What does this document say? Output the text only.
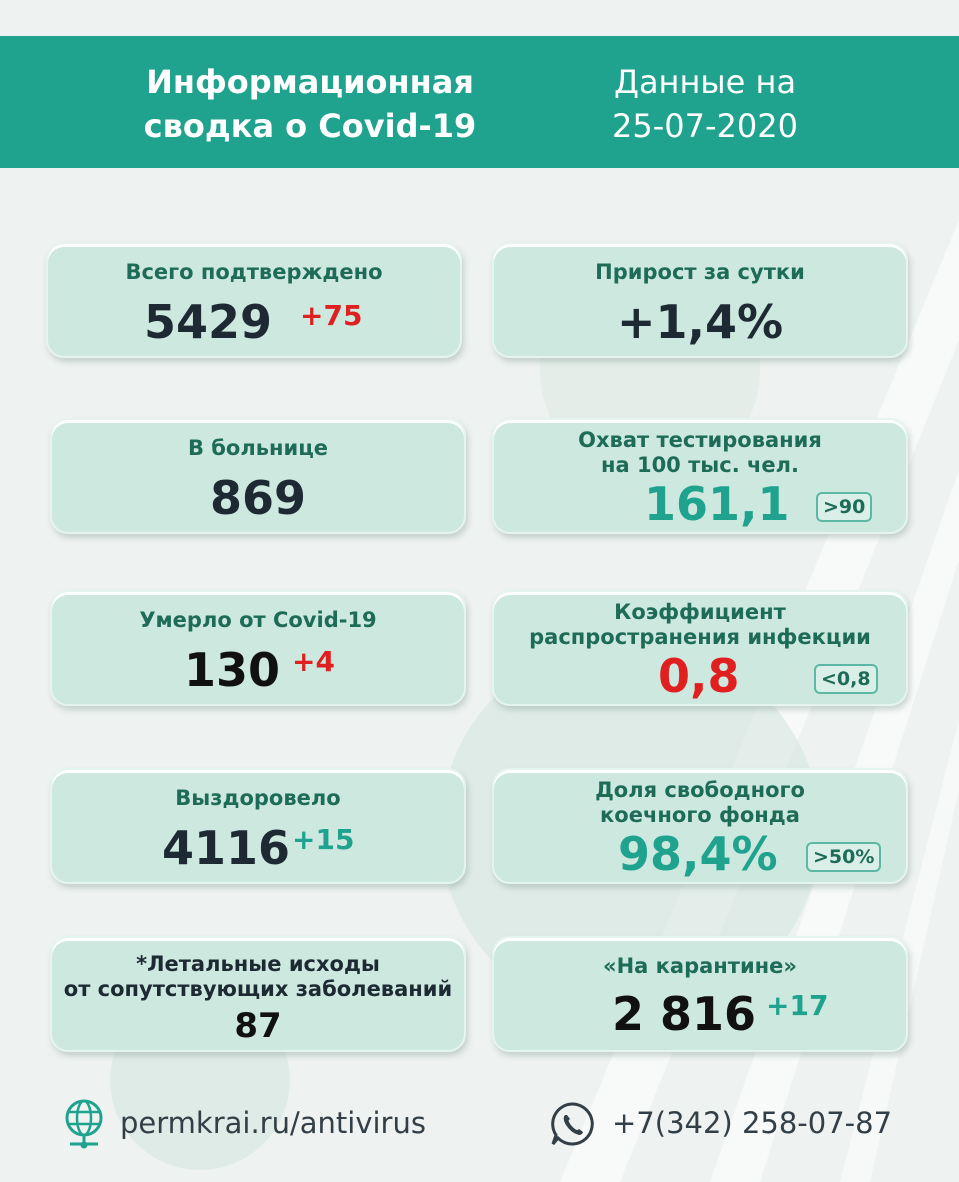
Информационная
сводка о Covid-19
Данные на
25-07-2020
Всего подтверждено
5429 +75
Прирост за сутки
+1,4%
В больнице
869
Охват тестирования
на 100 тыс. чел.
161,1	>90
Умерло от Covid-19
130 +4
Коэффициент
распространения инфекции
0,8	<0,8
Выздоровело
4116 +15
Доля свободного
коечного фонда
98,4%	>50%
*Летальные исходы
от сопутствующих заболеваний
87
«На карантине»
2 816 +17
permkrai.ru/antivirus	+7(342) 258-07-87
